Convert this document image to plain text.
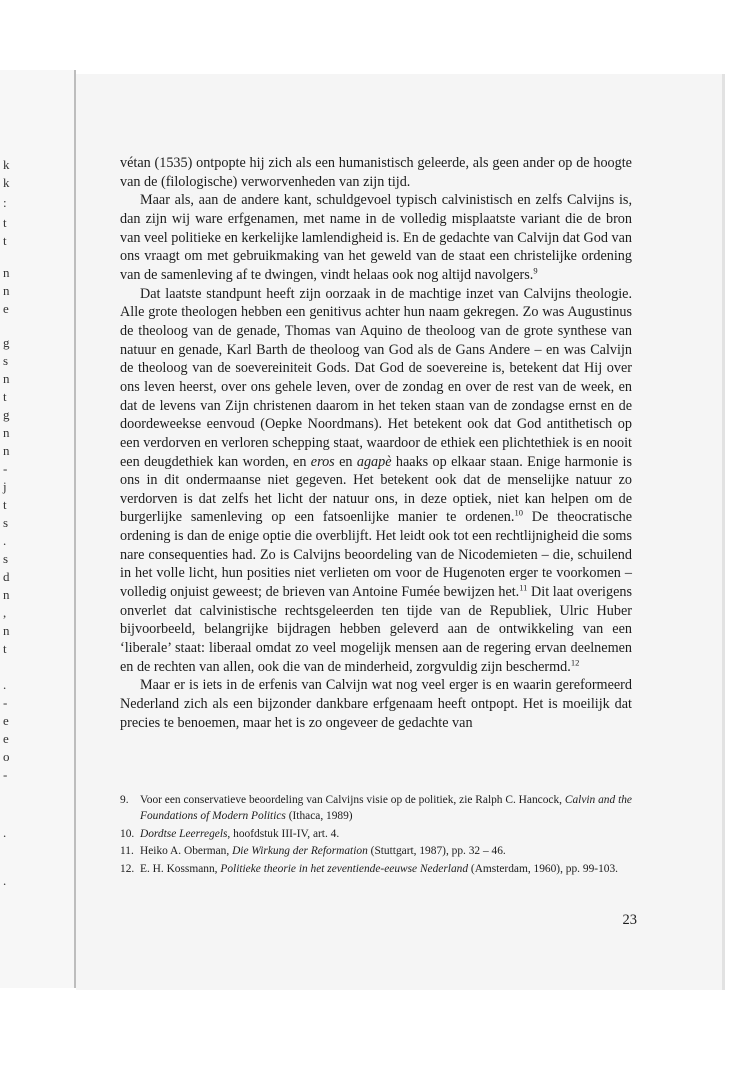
k
k
:
t
t
n
n
e
g
s
n
t
g
n
n
-
j
t
s
.
s
d
n
,
n
t
.
-
e
e
o
-
.
.

vétan (1535) ontpopte hij zich als een humanistisch geleerde, als geen ander op de hoogte van de (filologische) verworvenheden van zijn tijd.

Maar als, aan de andere kant, schuldgevoel typisch calvinistisch en zelfs Calvijns is, dan zijn wij ware erfgenamen, met name in de volledig misplaatste variant die de bron van veel politieke en kerkelijke lamlendigheid is. En de gedachte van Calvijn dat God van ons vraagt om met gebruikmaking van het geweld van de staat een christelijke ordening van de samenleving af te dwingen, vindt helaas ook nog altijd navolgers.$^9$

Dat laatste standpunt heeft zijn oorzaak in de machtige inzet van Calvijns theologie. Alle grote theologen hebben een genitivus achter hun naam gekregen. Zo was Augustinus de theoloog van de genade, Thomas van Aquino de theoloog van de grote synthese van natuur en genade, Karl Barth de theoloog van God als de Gans Andere – en was Calvijn de theoloog van de soevereiniteit Gods. Dat God de soevereine is, betekent dat Hij over ons leven heerst, over ons gehele leven, over de zondag en over de rest van de week, en dat de levens van Zijn christenen daarom in het teken staan van de zondagse ernst en de doordeweekse eenvoud (Oepke Noordmans). Het betekent ook dat God antithetisch op een verdorven en verloren schepping staat, waardoor de ethiek een plichtethiek is en nooit een deugdethiek kan worden, en eros en agapè haaks op elkaar staan. Enige harmonie is ons in dit ondermaanse niet gegeven. Het betekent ook dat de menselijke natuur zo verdorven is dat zelfs het licht der natuur ons, in deze optiek, niet kan helpen om de burgerlijke samenleving op een fatsoenlijke manier te ordenen.$^{10}$ De theocratische ordening is dan de enige optie die overblijft. Het leidt ook tot een rechtlijnigheid die soms nare consequenties had. Zo is Calvijns beoordeling van de Nicodemieten – die, schuilend in het volle licht, hun posities niet verlieten om voor de Hugenoten erger te voorkomen – volledig onjuist geweest; de brieven van Antoine Fumée bewijzen het.$^{11}$ Dit laat overigens onverlet dat calvinistische rechtsgeleerden ten tijde van de Republiek, Ulric Huber bijvoorbeeld, belangrijke bijdragen hebben geleverd aan de ontwikkeling van een ‘liberale’ staat: liberaal omdat zo veel mogelijk mensen aan de regering ervan deelnemen en de rechten van allen, ook die van de minderheid, zorgvuldig zijn beschermd.$^{12}$

Maar er is iets in de erfenis van Calvijn wat nog veel erger is en waarin gereformeerd Nederland zich als een bijzonder dankbare erfgenaam heeft ontpopt. Het is moeilijk dat precies te benoemen, maar het is zo ongeveer de gedachte van

9. Voor een conservatieve beoordeling van Calvijns visie op de politiek, zie Ralph C. Hancock, Calvin and the Foundations of Modern Politics (Ithaca, 1989)
10. Dordtse Leerregels, hoofdstuk III-IV, art. 4.
11. Heiko A. Oberman, Die Wirkung der Reformation (Stuttgart, 1987), pp. 32 – 46.
12. E. H. Kossmann, Politieke theorie in het zeventiende-eeuwse Nederland (Amsterdam, 1960), pp. 99-103.
23
